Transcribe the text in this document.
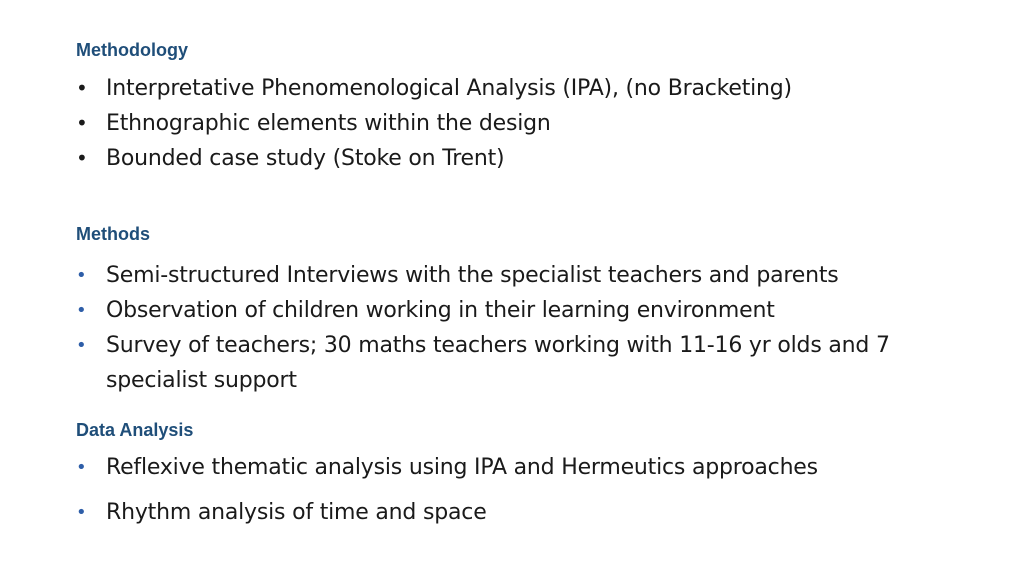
Methodology
• Interpretative Phenomenological Analysis (IPA), (no Bracketing)
• Ethnographic elements within the design
• Bounded case study (Stoke on Trent)
Methods
• Semi-structured Interviews with the specialist teachers and parents
• Observation of children working in their learning environment
• Survey of teachers; 30 maths teachers working with 11-16 yr olds and 7 specialist support
Data Analysis
• Reflexive thematic analysis using IPA and Hermeutics approaches
• Rhythm analysis of time and space
